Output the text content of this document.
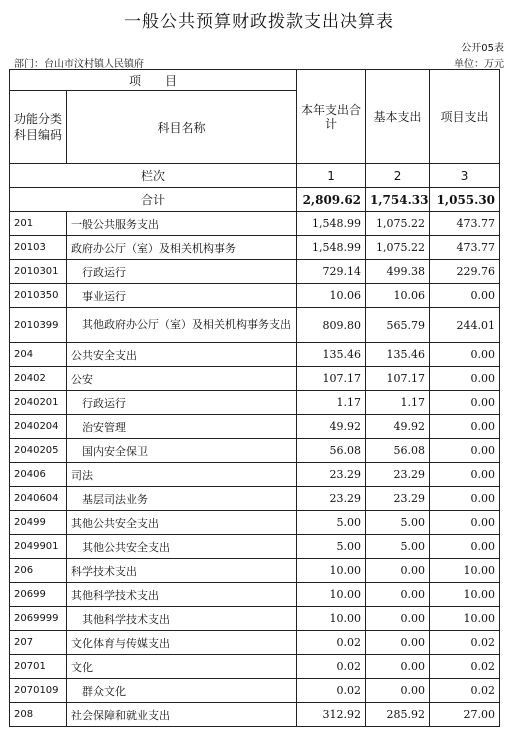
一般公共预算财政拨款支出决算表
公开05表
部门：台山市汶村镇人民镇府	单位：万元
项　　目		本年支出合计	基本支出	项目支出
功能分类科目编码	科目名称			
栏次		1	2	3
合计		2,809.62	1,754.33	1,055.30
201	一般公共服务支出	1,548.99	1,075.22	473.77
20103	政府办公厅（室）及相关机构事务	1,548.99	1,075.22	473.77
2010301	　行政运行	729.14	499.38	229.76
2010350	　事业运行	10.06	10.06	0.00
2010399	　其他政府办公厅（室）及相关机构事务支出	809.80	565.79	244.01
204	公共安全支出	135.46	135.46	0.00
20402	公安	107.17	107.17	0.00
2040201	　行政运行	1.17	1.17	0.00
2040204	　治安管理	49.92	49.92	0.00
2040205	　国内安全保卫	56.08	56.08	0.00
20406	司法	23.29	23.29	0.00
2040604	　基层司法业务	23.29	23.29	0.00
20499	其他公共安全支出	5.00	5.00	0.00
2049901	　其他公共安全支出	5.00	5.00	0.00
206	科学技术支出	10.00	0.00	10.00
20699	其他科学技术支出	10.00	0.00	10.00
2069999	　其他科学技术支出	10.00	0.00	10.00
207	文化体育与传媒支出	0.02	0.00	0.02
20701	文化	0.02	0.00	0.02
2070109	　群众文化	0.02	0.00	0.02
208	社会保障和就业支出	312.92	285.92	27.00
